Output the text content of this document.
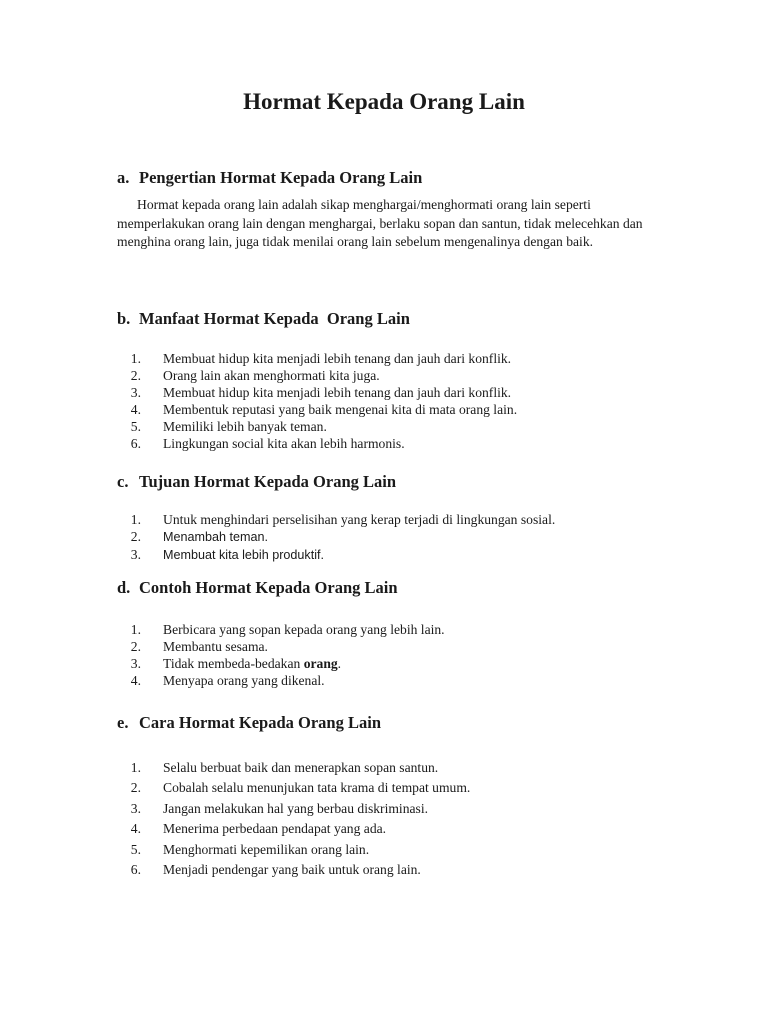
Hormat Kepada Orang Lain
a. Pengertian Hormat Kepada Orang Lain

Hormat kepada orang lain adalah sikap menghargai/menghormati orang lain seperti memperlakukan orang lain dengan menghargai, berlaku sopan dan santun, tidak melecehkan dan menghina orang lain, juga tidak menilai orang lain sebelum mengenalinya dengan baik.

b. Manfaat Hormat Kepada  Orang Lain
1. Membuat hidup kita menjadi lebih tenang dan jauh dari konflik.
2. Orang lain akan menghormati kita juga.
3. Membuat hidup kita menjadi lebih tenang dan jauh dari konflik.
4. Membentuk reputasi yang baik mengenai kita di mata orang lain.
5. Memiliki lebih banyak teman.
6. Lingkungan social kita akan lebih harmonis.
c. Tujuan Hormat Kepada Orang Lain
1. Untuk menghindari perselisihan yang kerap terjadi di lingkungan sosial.
2. Menambah teman.
3. Membuat kita lebih produktif.
d. Contoh Hormat Kepada Orang Lain
1. Berbicara yang sopan kepada orang yang lebih lain.
2. Membantu sesama.
3. Tidak membeda-bedakan orang.
4. Menyapa orang yang dikenal.
e. Cara Hormat Kepada Orang Lain
1. Selalu berbuat baik dan menerapkan sopan santun.
2. Cobalah selalu menunjukan tata krama di tempat umum.
3. Jangan melakukan hal yang berbau diskriminasi.
4. Menerima perbedaan pendapat yang ada.
5. Menghormati kepemilikan orang lain.
6. Menjadi pendengar yang baik untuk orang lain.
